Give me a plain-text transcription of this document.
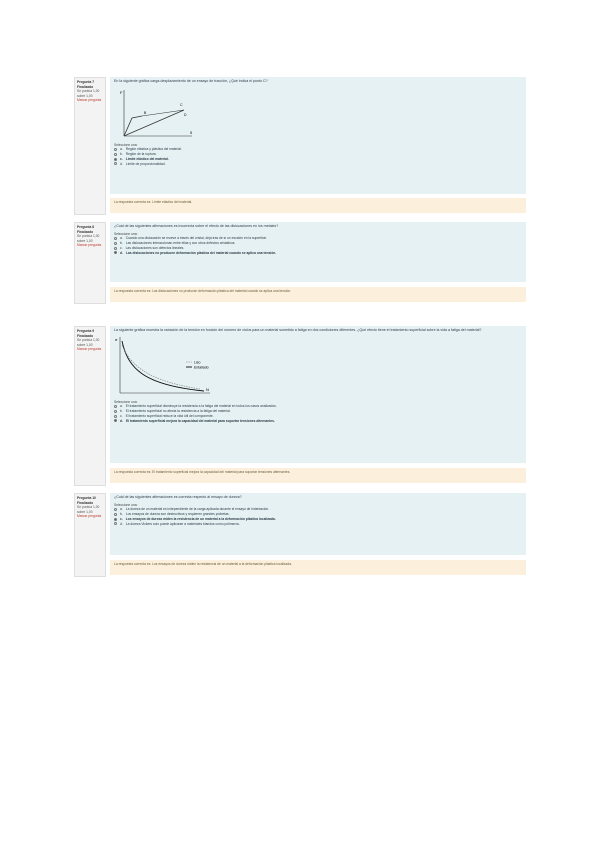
Pregunta 7
Finalizado
Se puntúa 1,00 sobre 1,00
Marcar pregunta
En la siguiente gráfica carga-desplazamiento de un ensayo de tracción, ¿Qué indica el punto C?
F
δ
B
C
D
Seleccione una:
a. Región elástica y plástica del material.
b. Región de la ruptura.
c. Límite elástico del material.
d. Límite de proporcionalidad.
La respuesta correcta es: Límite elástico del material.
Pregunta 8
Finalizado
Se puntúa 1,00 sobre 1,00
Marcar pregunta
¿Cuál de las siguientes afirmaciones es incorrecta sobre el efecto de las dislocaciones en los metales?
Seleccione una:
a. Cuando una dislocación se mueve a través del cristal, deja tras de sí un escalón en la superficie.
b. Las dislocaciones interaccionan entre ellas y con otros defectos cristalinos.
c. Las dislocaciones son defectos lineales.
d. Las dislocaciones no producen deformación plástica del material cuando se aplica una tensión.
La respuesta correcta es: Las dislocaciones no producen deformación plástica del material cuando se aplica una tensión.
Pregunta 9
Finalizado
Se puntúa 1,00 sobre 1,00
Marcar pregunta
La siguiente gráfica muestra la variación de la tensión en función del número de ciclos para un material sometido a fatiga en dos condiciones diferentes. ¿Qué efecto tiene el tratamiento superficial sobre la vida a fatiga del material?
σ
N
Liso
Entallado
Seleccione una:
a. El tratamiento superficial disminuye la resistencia a la fatiga del material en todos los casos analizados.
b. El tratamiento superficial no afecta la resistencia a la fatiga del material.
c. El tratamiento superficial reduce la vida útil del componente.
d. El tratamiento superficial mejora la capacidad del material para soportar tensiones alternantes.
La respuesta correcta es: El tratamiento superficial mejora la capacidad del material para soportar tensiones alternantes.
Pregunta 10
Finalizado
Se puntúa 1,00 sobre 1,00
Marcar pregunta
¿Cuál de las siguientes afirmaciones es correcta respecto al ensayo de dureza?
Seleccione una:
a. La dureza de un material es independiente de la carga aplicada durante el ensayo de indentación.
b. Los ensayos de dureza son destructivos y requieren grandes probetas.
c. Los ensayos de dureza miden la resistencia de un material a la deformación plástica localizada.
d. La dureza Vickers solo puede aplicarse a materiales blandos como polímeros.
La respuesta correcta es: Los ensayos de dureza miden la resistencia de un material a la deformación plástica localizada.
